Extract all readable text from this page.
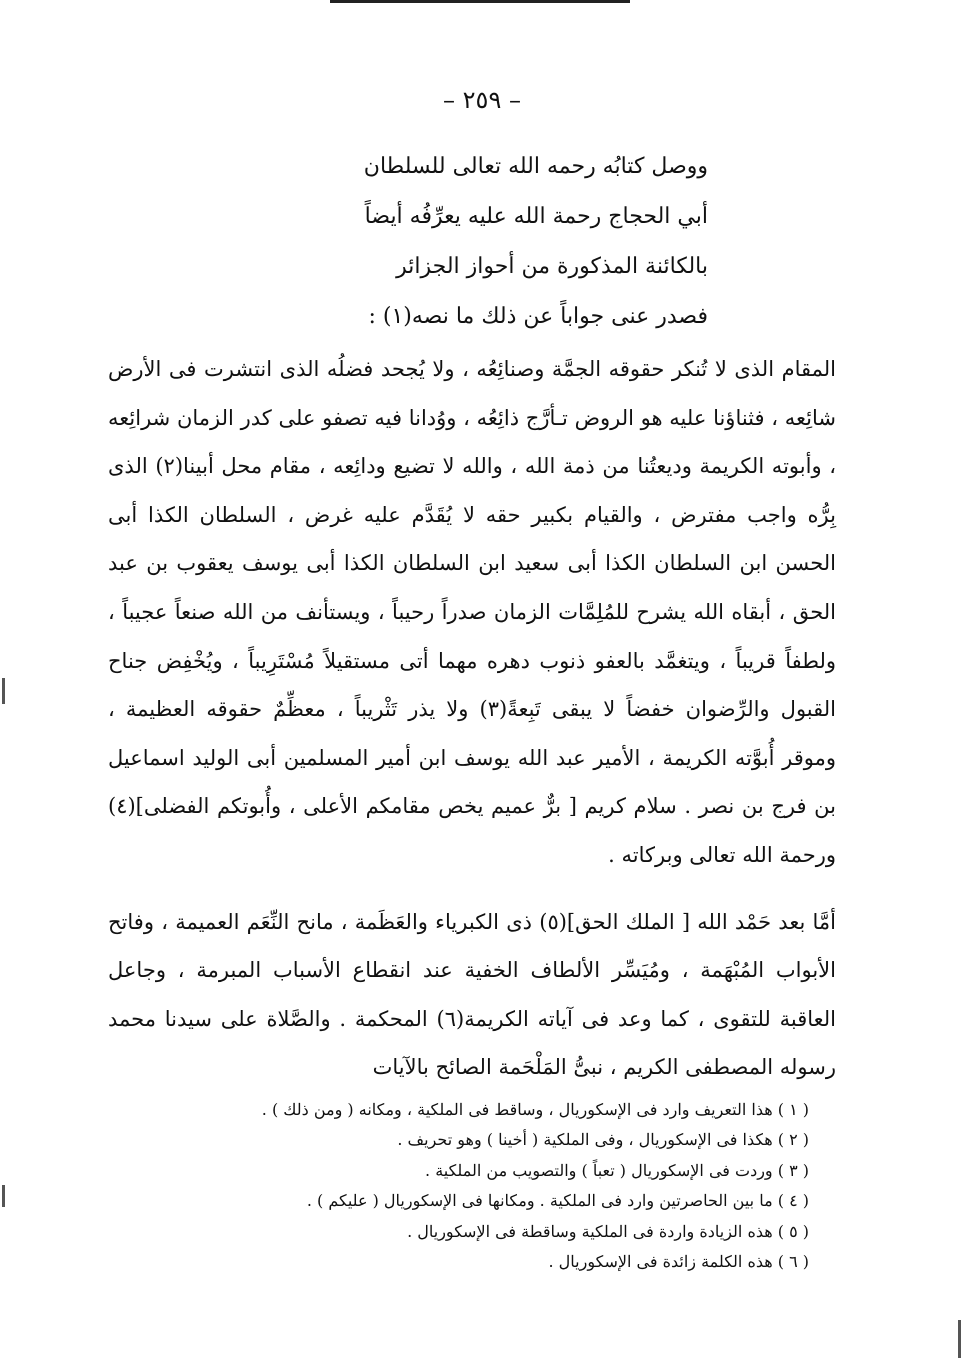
– ٢٥٩ –
ووصل كتابُه رحمه الله تعالى للسلطان
أبي الحجاج رحمة الله عليه يعرِّفُه أيضاً
بالكائنة المذكورة من أحواز الجزائر
فصدر عنى جواباً عن ذلك ما نصه(١) :

المقام الذى لا تُنكر حقوقه الجمَّة وصنائِعُه ، ولا يُجحد فضلُه الذى انتشرت فى الأرض شائِعه ، فثناؤنا عليه هو الروض تـأرَّج ذائِعُه ، ووُدانا فيه تصفو على كدر الزمان شرائِعه ، وأبوته الكريمة وديعتُنا من ذمة الله ، والله لا تضيع ودائِعه ، مقام محل أبينا(٢) الذى بِرُّه واجب مفترض ، والقيام بكبير حقه لا يُقَدَّم عليه غرض ، السلطان الكذا أبى الحسن ابن السلطان الكذا أبى سعيد ابن السلطان الكذا أبى يوسف يعقوب بن عبد الحق ، أبقاه الله يشرح للمُلِمَّات الزمان صدراً رحيباً ، ويستأنف من الله صنعاً عجيباً ، ولطفاً قريباً ، ويتغمَّد بالعفو ذنوب دهره مهما أتى مستقيلاً مُسْتَرِيباً ، ويُخْفِض جناح القبول والرِّضوان خفضاً لا يبقى تَبِعةً(٣) ولا يذر تَثْريباً ، معظِّمٌ حقوقه العظيمة ، وموقر أُبوَّته الكريمة ، الأمير عبد الله يوسف ابن أمير المسلمين أبى الوليد اسماعيل بن فرج بن نصر . سلام كريم [ برٌّ عميم يخص مقامكم الأعلى ، وأُبوتكم الفضلى](٤) ورحمة الله تعالى وبركاته .

أمَّا بعد حَمْد الله [ الملك الحق](٥) ذى الكبرياء والعَظَمة ، مانح النِّعَم العميمة ، وفاتح الأبواب المُبْهَمة ، ومُيَسِّر الألطاف الخفية عند انقطاع الأسباب المبرمة ، وجاعل العاقبة للتقوى ، كما وعد فى آياته الكريمة(٦) المحكمة . والصَّلاة على سيدنا محمد رسوله المصطفى الكريم ، نبىُّ المَلْحَمة الصائح بالآيات

( ١ ) هذا التعريف وارد فى الإسكوريال ، وساقط فى الملكية ، ومكانه ( ومن ذلك ) .
( ٢ ) هكذا فى الإسكوريال ، وفى الملكية ( أخينا ) وهو تحريف .
( ٣ ) وردت فى الإسكوريال ( تعباً ) والتصويب من الملكية .
( ٤ ) ما بين الحاصرتين وارد فى الملكية . ومكانها فى الإسكوريال ( عليكم ) .
( ٥ ) هذه الزيادة واردة فى الملكية وساقطة فى الإسكوريال .
( ٦ ) هذه الكلمة زائدة فى الإسكوريال .
